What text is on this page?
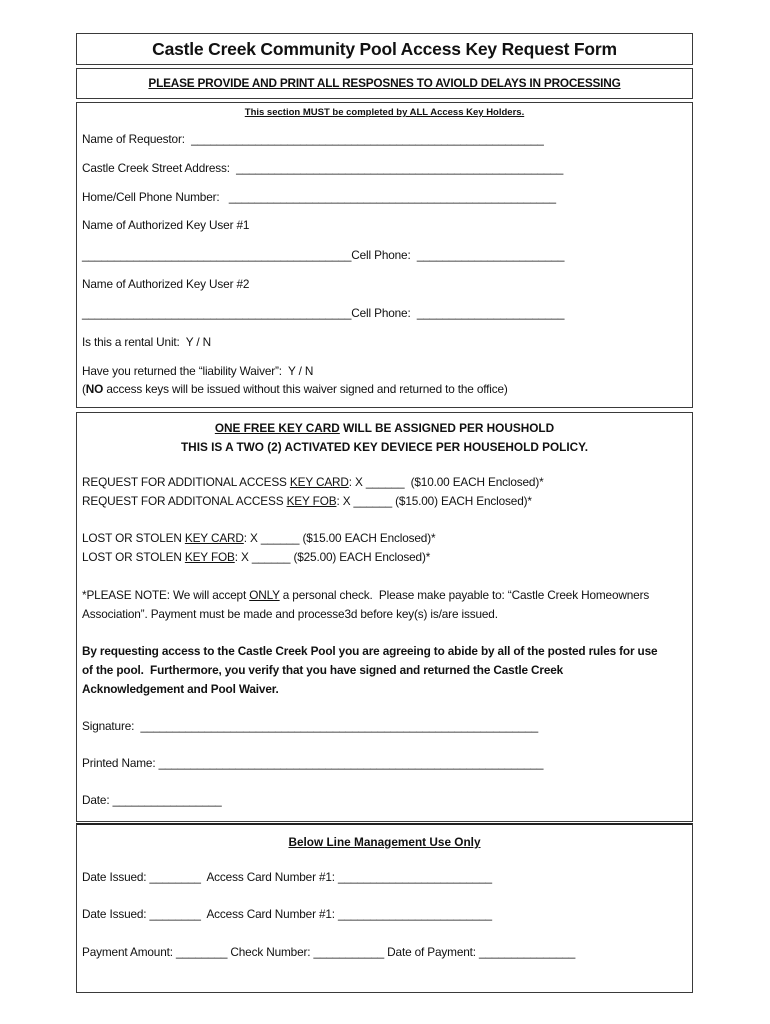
Castle Creek Community Pool Access Key Request Form
PLEASE PROVIDE AND PRINT ALL RESPOSNES TO AVIOLD DELAYS IN PROCESSING
This section MUST be completed by ALL Access Key Holders.
Name of Requestor:  _______________________________________________________
Castle Creek Street Address:  ___________________________________________________
Home/Cell Phone Number:   ___________________________________________________
Name of Authorized Key User #1
__________________________________________Cell Phone:  _______________________
Name of Authorized Key User #2
__________________________________________Cell Phone:  _______________________
Is this a rental Unit:  Y / N
Have you returned the “liability Waiver”:  Y / N
(NO access keys will be issued without this waiver signed and returned to the office)
ONE FREE KEY CARD WILL BE ASSIGNED PER HOUSHOLD
THIS IS A TWO (2) ACTIVATED KEY DEVIECE PER HOUSEHOLD POLICY.
REQUEST FOR ADDITIONAL ACCESS KEY CARD: X ______  ($10.00 EACH Enclosed)*
REQUEST FOR ADDITONAL ACCESS KEY FOB: X ______ ($15.00) EACH Enclosed)*
LOST OR STOLEN KEY CARD: X ______ ($15.00 EACH Enclosed)*
LOST OR STOLEN KEY FOB: X ______ ($25.00) EACH Enclosed)*
*PLEASE NOTE: We will accept ONLY a personal check.  Please make payable to: “Castle Creek Homeowners
Association”. Payment must be made and processe3d before key(s) is/are issued.
By requesting access to the Castle Creek Pool you are agreeing to abide by all of the posted rules for use
of the pool.  Furthermore, you verify that you have signed and returned the Castle Creek
Acknowledgement and Pool Waiver.
Signature:  ______________________________________________________________
Printed Name: ____________________________________________________________
Date: _________________
Below Line Management Use Only
Date Issued: ________  Access Card Number #1: ________________________
Date Issued: ________  Access Card Number #1: ________________________
Payment Amount: ________ Check Number: ___________ Date of Payment: _______________
